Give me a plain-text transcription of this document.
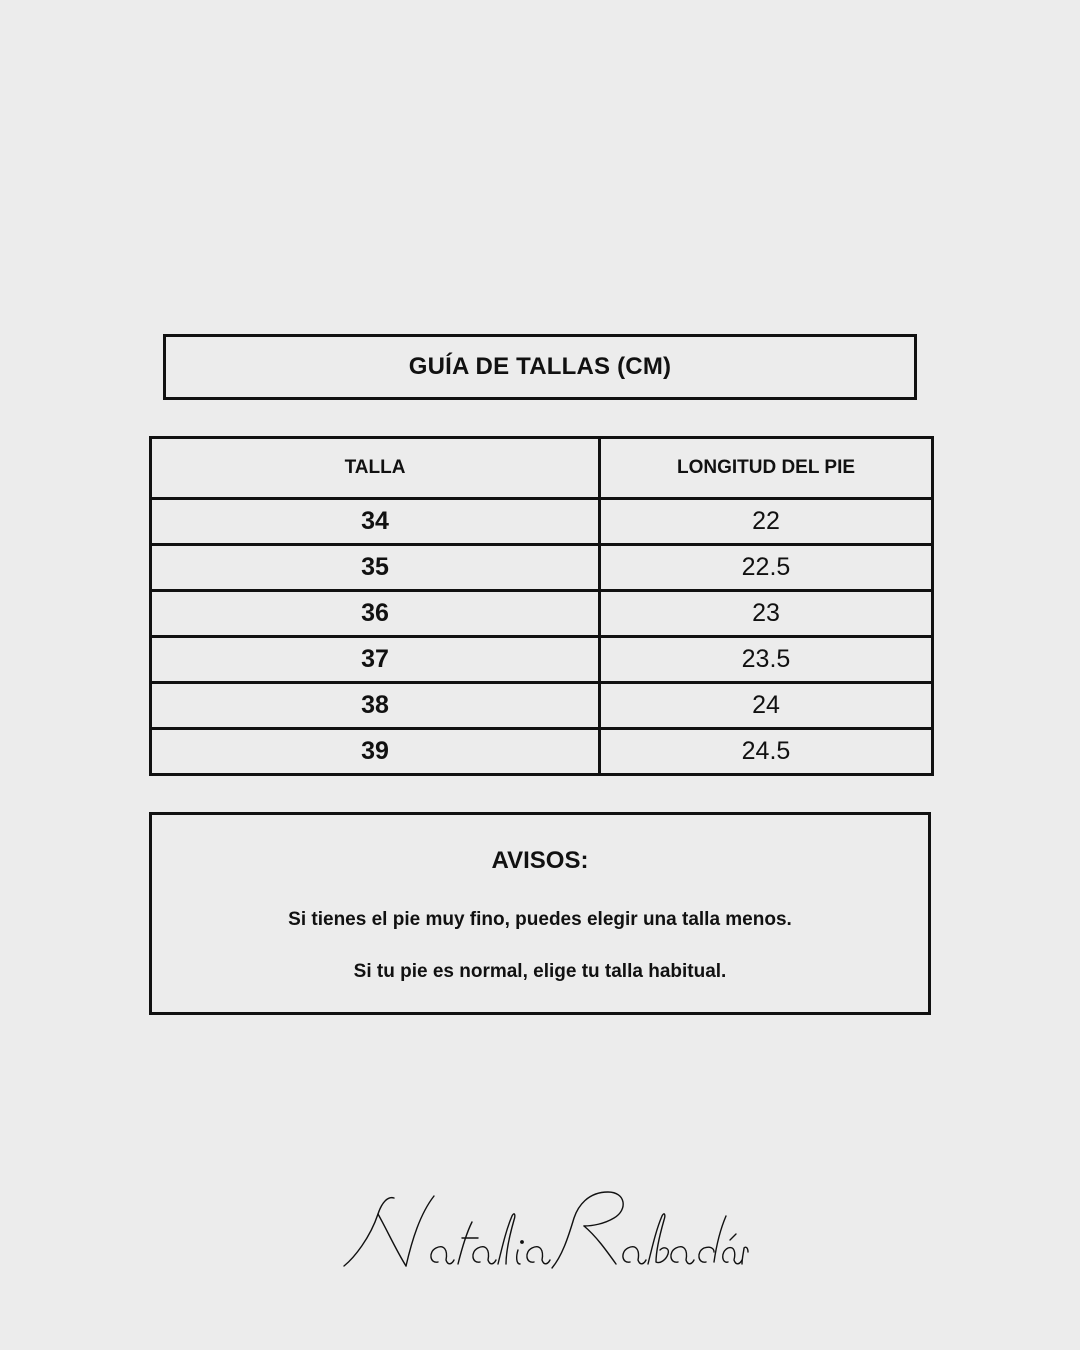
GUÍA DE TALLAS (CM)
TALLA	LONGITUD DEL PIE
34	22
35	22.5
36	23
37	23.5
38	24
39	24.5
AVISOS:
Si tienes el pie muy fino, puedes elegir una talla menos.
Si tu pie es normal, elige tu talla habitual.
